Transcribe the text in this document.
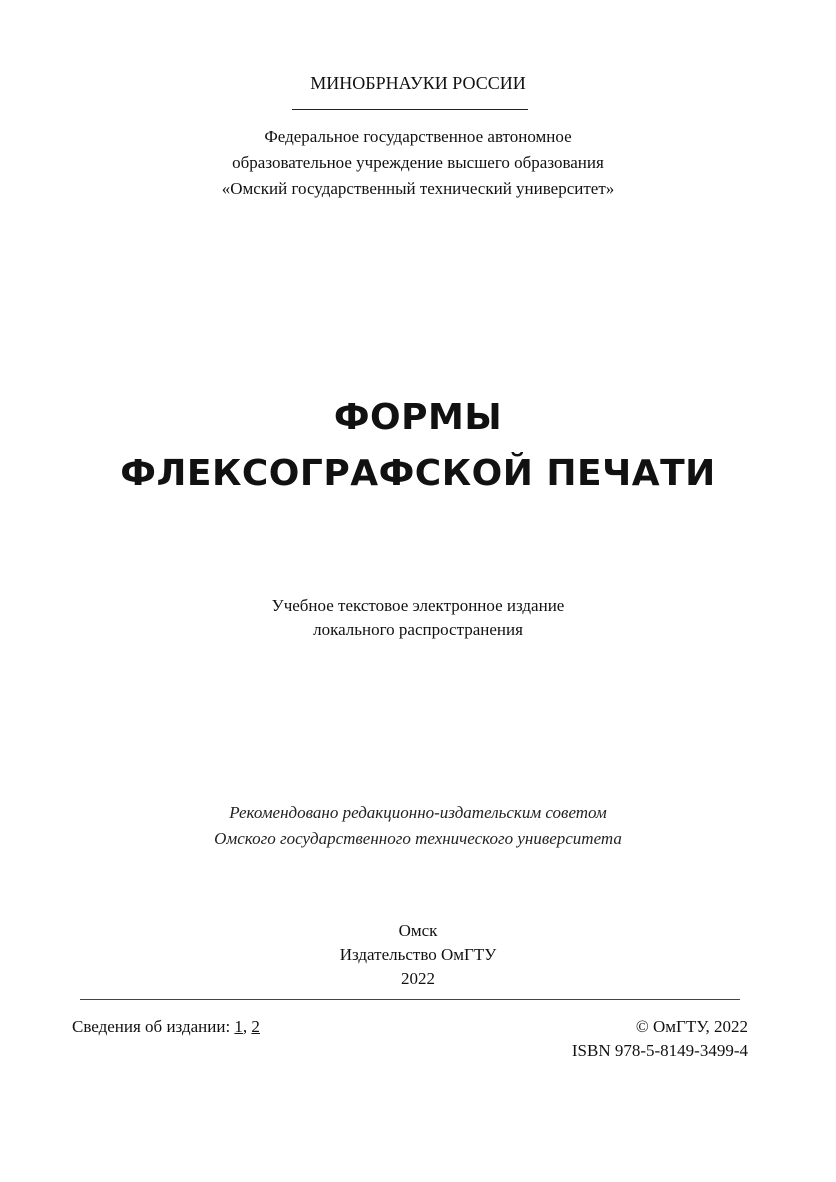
МИНОБРНАУКИ РОССИИ
Федеральное государственное автономное
образовательное учреждение высшего образования
«Омский государственный технический университет»
ФОРМЫ
ФЛЕКСОГРАФСКОЙ ПЕЧАТИ
Учебное текстовое электронное издание
локального распространения
Рекомендовано редакционно-издательским советом
Омского государственного технического университета
Омск
Издательство ОмГТУ
2022
Сведения об издании: 1, 2	© ОмГТУ, 2022
ISBN 978-5-8149-3499-4
